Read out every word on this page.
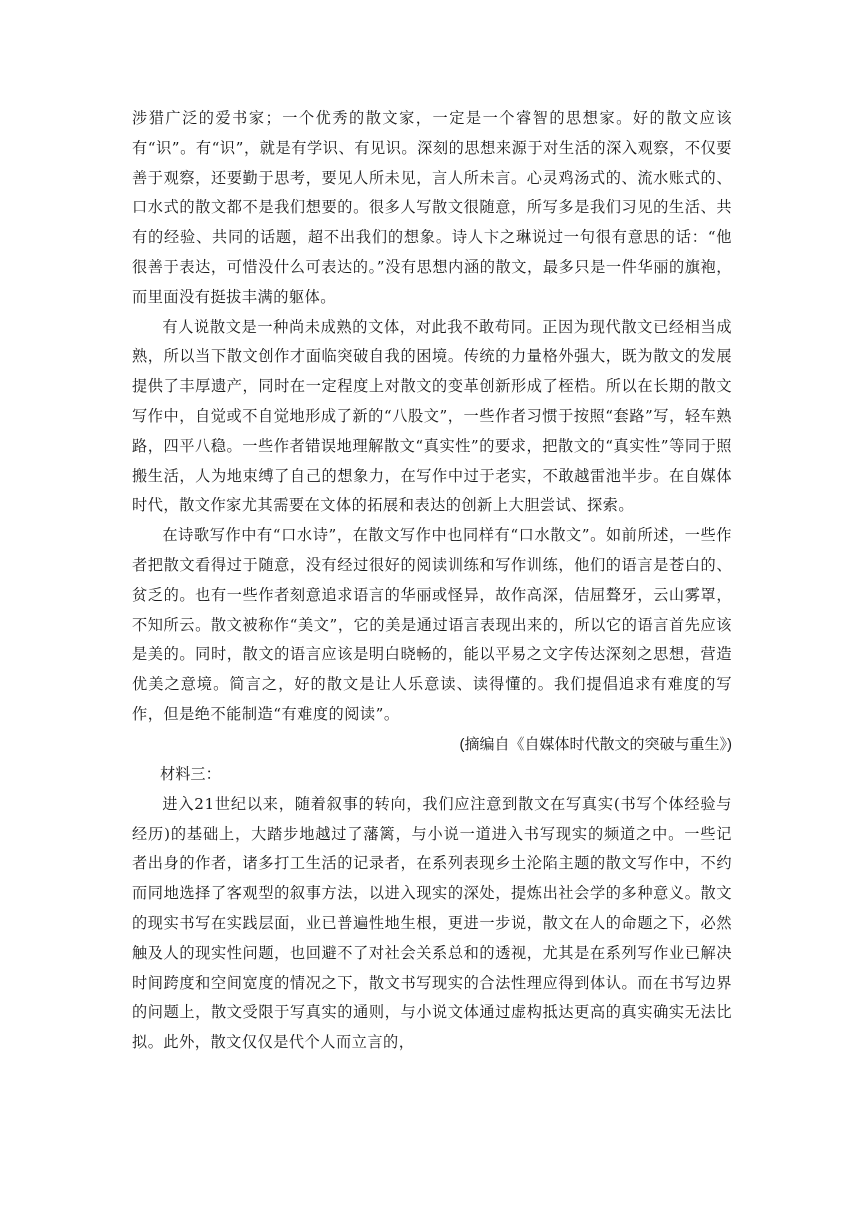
涉猎广泛的爱书家；一个优秀的散文家，一定是一个睿智的思想家。好的散文应该有“识”。有“识”，就是有学识、有见识。深刻的思想来源于对生活的深入观察，不仅要善于观察，还要勤于思考，要见人所未见，言人所未言。心灵鸡汤式的、流水账式的、口水式的散文都不是我们想要的。很多人写散文很随意，所写多是我们习见的生活、共有的经验、共同的话题，超不出我们的想象。诗人卞之琳说过一句很有意思的话：“他很善于表达，可惜没什么可表达的。”没有思想内涵的散文，最多只是一件华丽的旗袍，而里面没有挺拔丰满的躯体。

有人说散文是一种尚未成熟的文体，对此我不敢苟同。正因为现代散文已经相当成熟，所以当下散文创作才面临突破自我的困境。传统的力量格外强大，既为散文的发展提供了丰厚遗产，同时在一定程度上对散文的变革创新形成了桎梏。所以在长期的散文写作中，自觉或不自觉地形成了新的“八股文”，一些作者习惯于按照“套路”写，轻车熟路，四平八稳。一些作者错误地理解散文“真实性”的要求，把散文的“真实性”等同于照搬生活，人为地束缚了自己的想象力，在写作中过于老实，不敢越雷池半步。在自媒体时代，散文作家尤其需要在文体的拓展和表达的创新上大胆尝试、探索。

在诗歌写作中有“口水诗”，在散文写作中也同样有“口水散文”。如前所述，一些作者把散文看得过于随意，没有经过很好的阅读训练和写作训练，他们的语言是苍白的、贫乏的。也有一些作者刻意追求语言的华丽或怪异，故作高深，佶屈聱牙，云山雾罩，不知所云。散文被称作“美文”，它的美是通过语言表现出来的，所以它的语言首先应该是美的。同时，散文的语言应该是明白晓畅的，能以平易之文字传达深刻之思想，营造优美之意境。简言之，好的散文是让人乐意读、读得懂的。我们提倡追求有难度的写作，但是绝不能制造“有难度的阅读”。

(摘编自《自媒体时代散文的突破与重生》)

材料三：

进入21世纪以来，随着叙事的转向，我们应注意到散文在写真实(书写个体经验与经历)的基础上，大踏步地越过了藩篱，与小说一道进入书写现实的频道之中。一些记者出身的作者，诸多打工生活的记录者，在系列表现乡土沦陷主题的散文写作中，不约而同地选择了客观型的叙事方法，以进入现实的深处，提炼出社会学的多种意义。散文的现实书写在实践层面，业已普遍性地生根，更进一步说，散文在人的命题之下，必然触及人的现实性问题，也回避不了对社会关系总和的透视，尤其是在系列写作业已解决时间跨度和空间宽度的情况之下，散文书写现实的合法性理应得到体认。而在书写边界的问题上，散文受限于写真实的通则，与小说文体通过虚构抵达更高的真实确实无法比拟。此外，散文仅仅是代个人而立言的，
